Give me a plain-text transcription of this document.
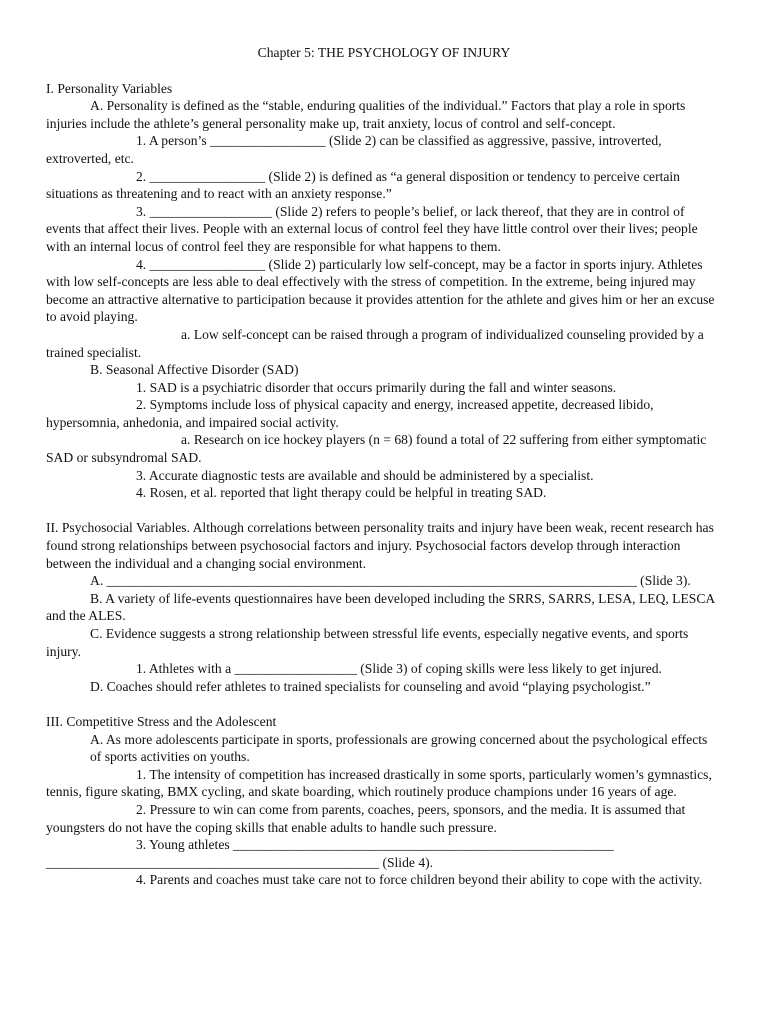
Chapter 5: THE PSYCHOLOGY OF INJURY

I. Personality Variables

A. Personality is defined as the “stable, enduring qualities of the individual.” Factors that play a role in sports injuries include the athlete’s general personality make up, trait anxiety, locus of control and self-concept.

1. A person’s _________________ (Slide 2) can be classified as aggressive, passive, introverted, extroverted, etc.

2. _________________ (Slide 2) is defined as “a general disposition or tendency to perceive certain situations as threatening and to react with an anxiety response.”

3. __________________ (Slide 2) refers to people’s belief, or lack thereof, that they are in control of events that affect their lives. People with an external locus of control feel they have little control over their lives; people with an internal locus of control feel they are responsible for what happens to them.

4. _________________ (Slide 2) particularly low self-concept, may be a factor in sports injury. Athletes with low self-concepts are less able to deal effectively with the stress of competition. In the extreme, being injured may become an attractive alternative to participation because it provides attention for the athlete and gives him or her an excuse to avoid playing.

a. Low self-concept can be raised through a program of individualized counseling provided by a trained specialist.

B. Seasonal Affective Disorder (SAD)

1. SAD is a psychiatric disorder that occurs primarily during the fall and winter seasons.

2. Symptoms include loss of physical capacity and energy, increased appetite, decreased libido, hypersomnia, anhedonia, and impaired social activity.

a. Research on ice hockey players (n = 68) found a total of 22 suffering from either symptomatic SAD or subsyndromal SAD.

3. Accurate diagnostic tests are available and should be administered by a specialist.

4. Rosen, et al. reported that light therapy could be helpful in treating SAD.

II. Psychosocial Variables. Although correlations between personality traits and injury have been weak, recent research has found strong relationships between psychosocial factors and injury. Psychosocial factors develop through interaction between the individual and a changing social environment.

A. ______________________________________________________________________________ (Slide 3).

B. A variety of life-events questionnaires have been developed including the SRRS, SARRS, LESA, LEQ, LESCA and the ALES.

C. Evidence suggests a strong relationship between stressful life events, especially negative events, and sports injury.

1. Athletes with a __________________ (Slide 3) of coping skills were less likely to get injured.

D. Coaches should refer athletes to trained specialists for counseling and avoid “playing psychologist.”

III. Competitive Stress and the Adolescent

A. As more adolescents participate in sports, professionals are growing concerned about the psychological effects of sports activities on youths.

1. The intensity of competition has increased drastically in some sports, particularly women’s gymnastics, tennis, figure skating, BMX cycling, and skate boarding, which routinely produce champions under 16 years of age.

2. Pressure to win can come from parents, coaches, peers, sponsors, and the media. It is assumed that youngsters do not have the coping skills that enable adults to handle such pressure.

3. Young athletes ________________________________________________________

_________________________________________________ (Slide 4).

4. Parents and coaches must take care not to force children beyond their ability to cope with the activity.
